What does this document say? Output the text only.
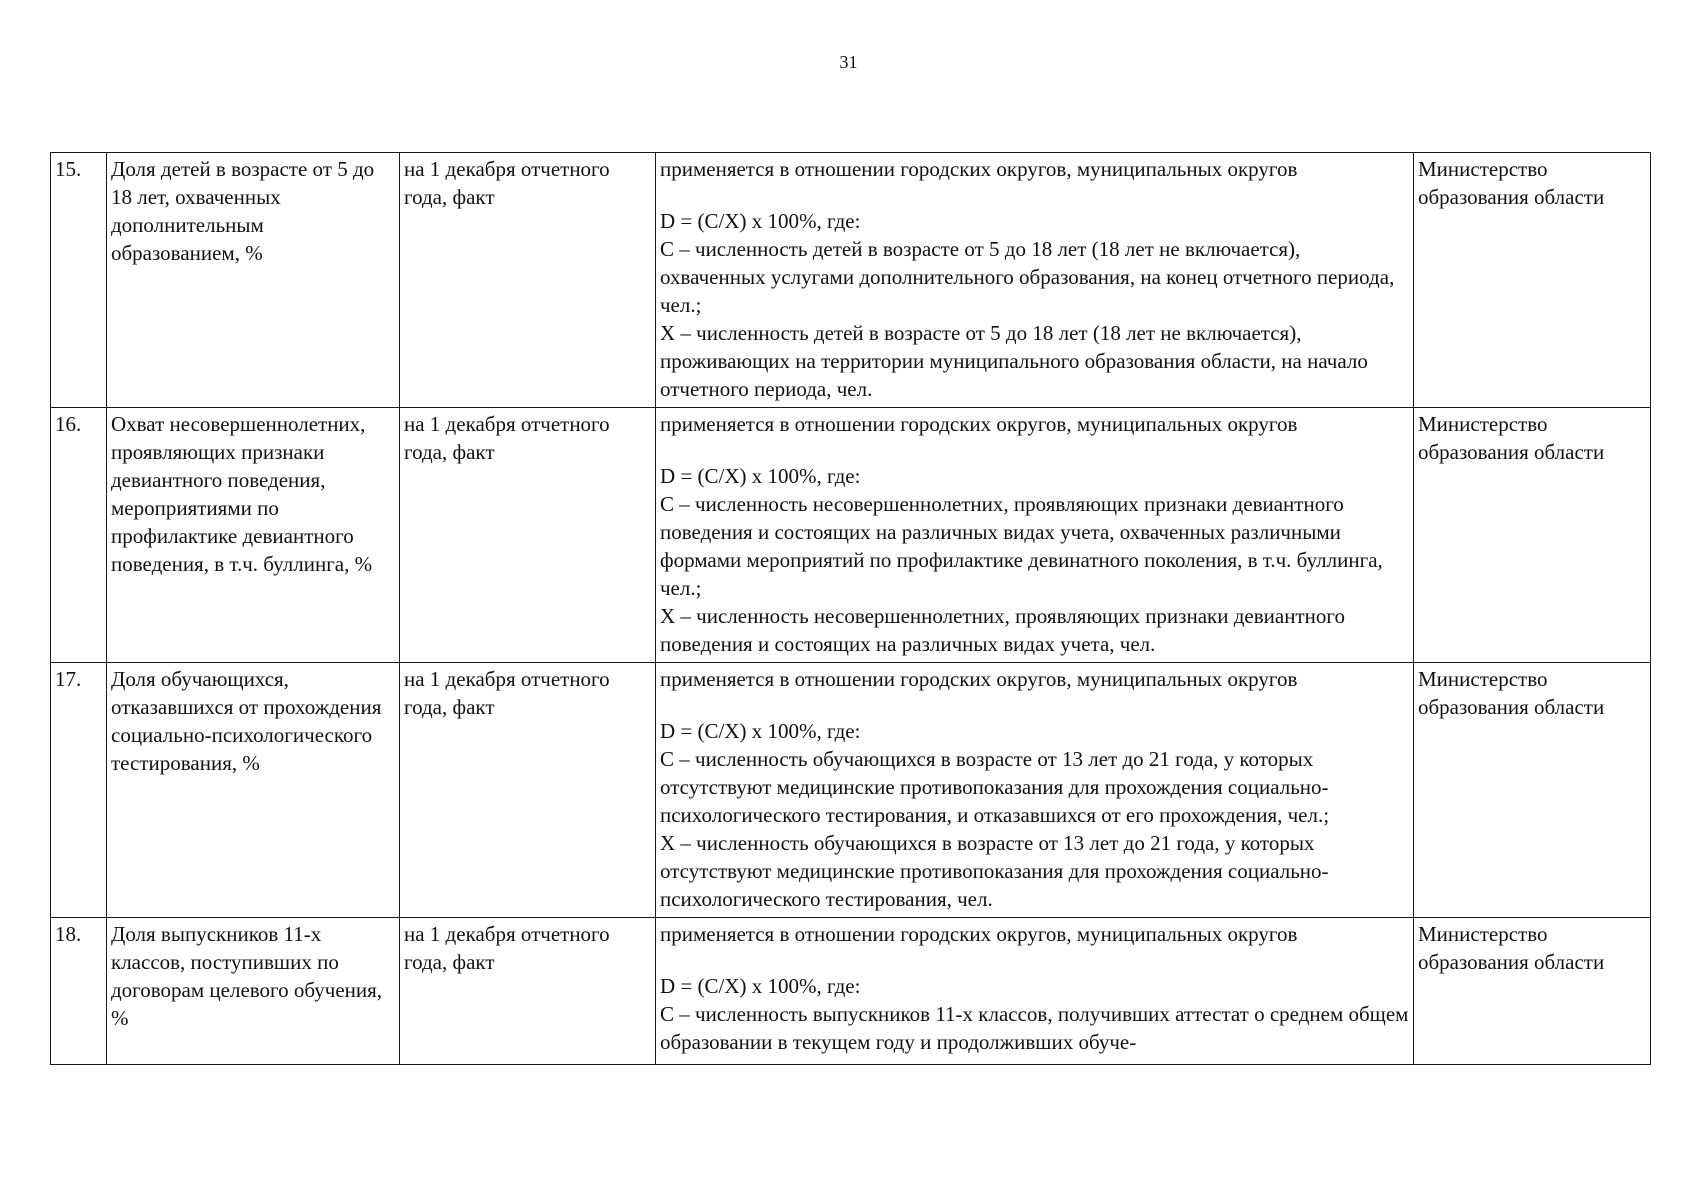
31
15.	Доля детей в возрасте от 5 до 18 лет, охваченных дополнительным образованием, %	на 1 декабря отчетного года, факт	применяется в отношении городских округов, муниципальных округов
D = (C/X) x 100%, где:
C – численность детей в возрасте от 5 до 18 лет (18 лет не включается), охваченных услугами дополнительного образования, на конец отчетного периода, чел.;
X – численность детей в возрасте от 5 до 18 лет (18 лет не включается), проживающих на территории муниципального образования области, на начало отчетного периода, чел.	Министерство образования области
16.	Охват несовершеннолетних, проявляющих признаки девиантного поведения, мероприятиями по профилактике девиантного поведения, в т.ч. буллинга, %	на 1 декабря отчетного года, факт	применяется в отношении городских округов, муниципальных округов
D = (C/X) x 100%, где:
C – численность несовершеннолетних, проявляющих признаки девиантного поведения и состоящих на различных видах учета, охваченных различными формами мероприятий по профилактике девинатного поколения, в т.ч. буллинга, чел.;
X – численность несовершеннолетних, проявляющих признаки девиантного поведения и состоящих на различных видах учета, чел.	Министерство образования области
17.	Доля обучающихся, отказавшихся от прохождения социально-психологического тестирования, %	на 1 декабря отчетного года, факт	применяется в отношении городских округов, муниципальных округов
D = (C/X) x 100%, где:
C – численность обучающихся в возрасте от 13 лет до 21 года, у которых отсутствуют медицинские противопоказания для прохождения социально-психологического тестирования, и отказавшихся от его прохождения, чел.;
X – численность обучающихся в возрасте от 13 лет до 21 года, у которых отсутствуют медицинские противопоказания для прохождения социально-психологического тестирования, чел.	Министерство образования области
18.	Доля выпускников 11-х классов, поступивших по договорам целевого обучения, %	на 1 декабря отчетного года, факт	применяется в отношении городских округов, муниципальных округов
D = (C/X) x 100%, где:
C – численность выпускников 11-х классов, получивших аттестат о среднем общем образовании в текущем году и продолживших обуче-	Министерство образования области
